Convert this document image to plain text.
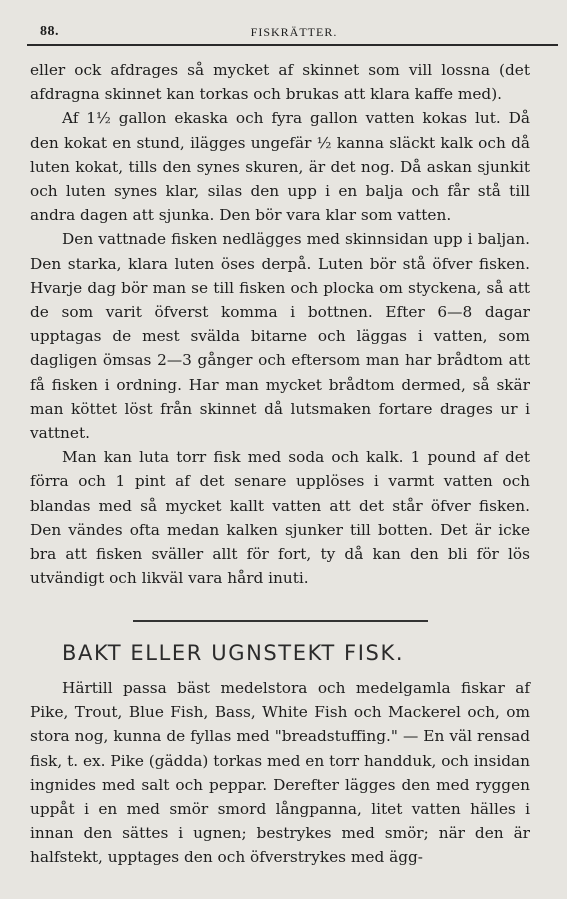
88.	FISKRÄTTER.

eller ock afdrages så mycket af skinnet som vill lossna (det afdragna skinnet kan torkas och brukas att klara kaffe med).

Af 1½ gallon ekaska och fyra gallon vatten kokas lut. Då den kokat en stund, ilägges ungefär ½ kanna släckt kalk och då luten kokat, tills den synes skuren, är det nog. Då askan sjunkit och luten synes klar, silas den upp i en balja och får stå till andra dagen att sjunka. Den bör vara klar som vatten.

Den vattnade fisken nedlägges med skinnsidan upp i baljan. Den starka, klara luten öses derpå. Luten bör stå öfver fisken. Hvarje dag bör man se till fisken och plocka om styckena, så att de som varit öfverst komma i bottnen. Efter 6—8 dagar upptagas de mest svälda bitarne och läggas i vatten, som dagligen ömsas 2—3 gånger och eftersom man har brådtom att få fisken i ordning. Har man mycket brådtom dermed, så skär man köttet löst från skinnet då lutsmaken fortare drages ur i vattnet.

Man kan luta torr fisk med soda och kalk. 1 pound af det förra och 1 pint af det senare upplöses i varmt vatten och blandas med så mycket kallt vatten att det står öfver fisken. Den vändes ofta medan kalken sjunker till botten. Det är icke bra att fisken sväller allt för fort, ty då kan den bli för lös utvändigt och likväl vara hård inuti.

BAKT ELLER UGNSTEKT FISK.

Härtill passa bäst medelstora och medelgamla fiskar af Pike, Trout, Blue Fish, Bass, White Fish och Mackerel och, om stora nog, kunna de fyllas med "breadstuffing." — En väl rensad fisk, t. ex. Pike (gädda) torkas med en torr handduk, och insidan ingnides med salt och peppar. Derefter lägges den med ryggen uppåt i en med smör smord långpanna, litet vatten hälles i innan den sättes i ugnen; bestrykes med smör; när den är halfstekt, upptages den och öfverstrykes med ägg-
